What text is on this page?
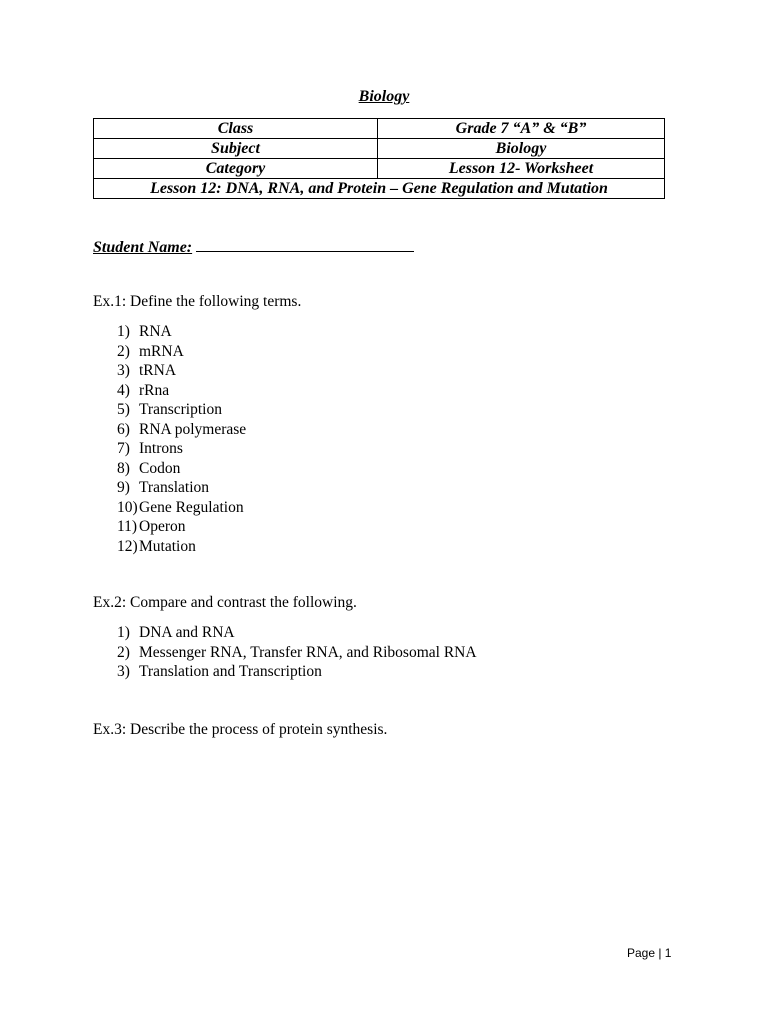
Biology
Class	Grade 7 “A” & “B”
Subject	Biology
Category	Lesson 12- Worksheet
Lesson 12: DNA, RNA, and Protein – Gene Regulation and Mutation	
Student Name:
Ex.1: Define the following terms.
1) RNA
2) mRNA
3) tRNA
4) rRna
5) Transcription
6) RNA polymerase
7) Introns
8) Codon
9) Translation
10)Gene Regulation
11) Operon
12)Mutation
Ex.2: Compare and contrast the following.
1) DNA and RNA
2) Messenger RNA, Transfer RNA, and Ribosomal RNA
3) Translation and Transcription
Ex.3: Describe the process of protein synthesis.
Page | 1
